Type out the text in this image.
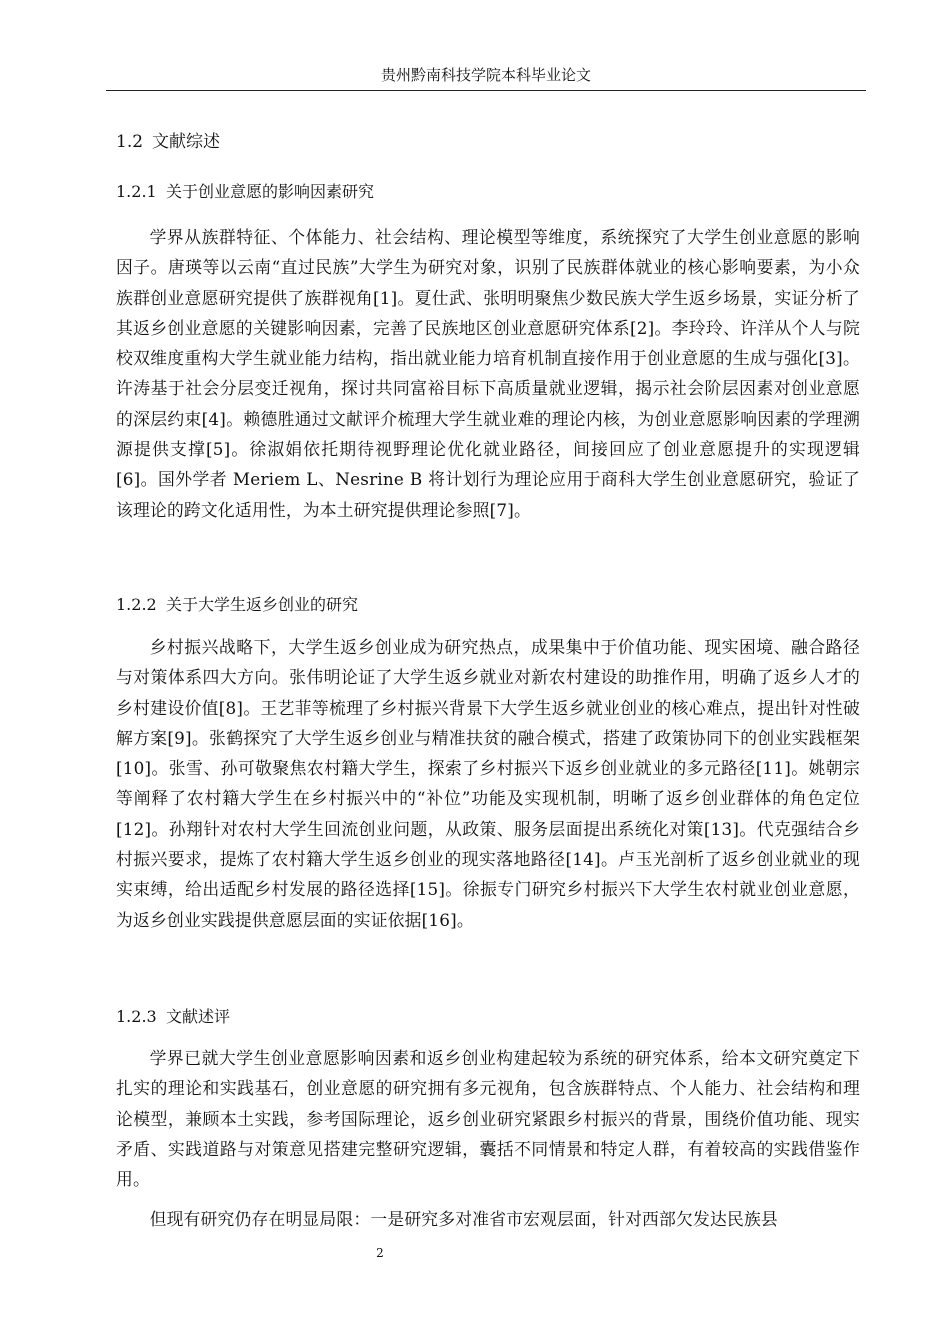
贵州黔南科技学院本科毕业论文
1.2 文献综述
1.2.1 关于创业意愿的影响因素研究

学界从族群特征、个体能力、社会结构、理论模型等维度，系统探究了大学生创业意愿的影响因子。唐瑛等以云南“直过民族”大学生为研究对象，识别了民族群体就业的核心影响要素，为小众族群创业意愿研究提供了族群视角[1]。夏仕武、张明明聚焦少数民族大学生返乡场景，实证分析了其返乡创业意愿的关键影响因素，完善了民族地区创业意愿研究体系[2]。李玲玲、许洋从个人与院校双维度重构大学生就业能力结构，指出就业能力培育机制直接作用于创业意愿的生成与强化[3]。许涛基于社会分层变迁视角，探讨共同富裕目标下高质量就业逻辑，揭示社会阶层因素对创业意愿的深层约束[4]。赖德胜通过文献评介梳理大学生就业难的理论内核，为创业意愿影响因素的学理溯源提供支撑[5]。徐淑娟依托期待视野理论优化就业路径，间接回应了创业意愿提升的实现逻辑[6]。国外学者 Meriem L、Nesrine B 将计划行为理论应用于商科大学生创业意愿研究，验证了该理论的跨文化适用性，为本土研究提供理论参照[7]。

1.2.2 关于大学生返乡创业的研究

乡村振兴战略下，大学生返乡创业成为研究热点，成果集中于价值功能、现实困境、融合路径与对策体系四大方向。张伟明论证了大学生返乡就业对新农村建设的助推作用，明确了返乡人才的乡村建设价值[8]。王艺菲等梳理了乡村振兴背景下大学生返乡就业创业的核心难点，提出针对性破解方案[9]。张鹤探究了大学生返乡创业与精准扶贫的融合模式，搭建了政策协同下的创业实践框架[10]。张雪、孙可敬聚焦农村籍大学生，探索了乡村振兴下返乡创业就业的多元路径[11]。姚朝宗等阐释了农村籍大学生在乡村振兴中的“补位”功能及实现机制，明晰了返乡创业群体的角色定位[12]。孙翔针对农村大学生回流创业问题，从政策、服务层面提出系统化对策[13]。代克强结合乡村振兴要求，提炼了农村籍大学生返乡创业的现实落地路径[14]。卢玉光剖析了返乡创业就业的现实束缚，给出适配乡村发展的路径选择[15]。徐振专门研究乡村振兴下大学生农村就业创业意愿，为返乡创业实践提供意愿层面的实证依据[16]。

1.2.3 文献述评

学界已就大学生创业意愿影响因素和返乡创业构建起较为系统的研究体系，给本文研究奠定下扎实的理论和实践基石，创业意愿的研究拥有多元视角，包含族群特点、个人能力、社会结构和理论模型，兼顾本土实践，参考国际理论，返乡创业研究紧跟乡村振兴的背景，围绕价值功能、现实矛盾、实践道路与对策意见搭建完整研究逻辑，囊括不同情景和特定人群，有着较高的实践借鉴作用。

但现有研究仍存在明显局限：一是研究多对准省市宏观层面，针对西部欠发达民族县

2
